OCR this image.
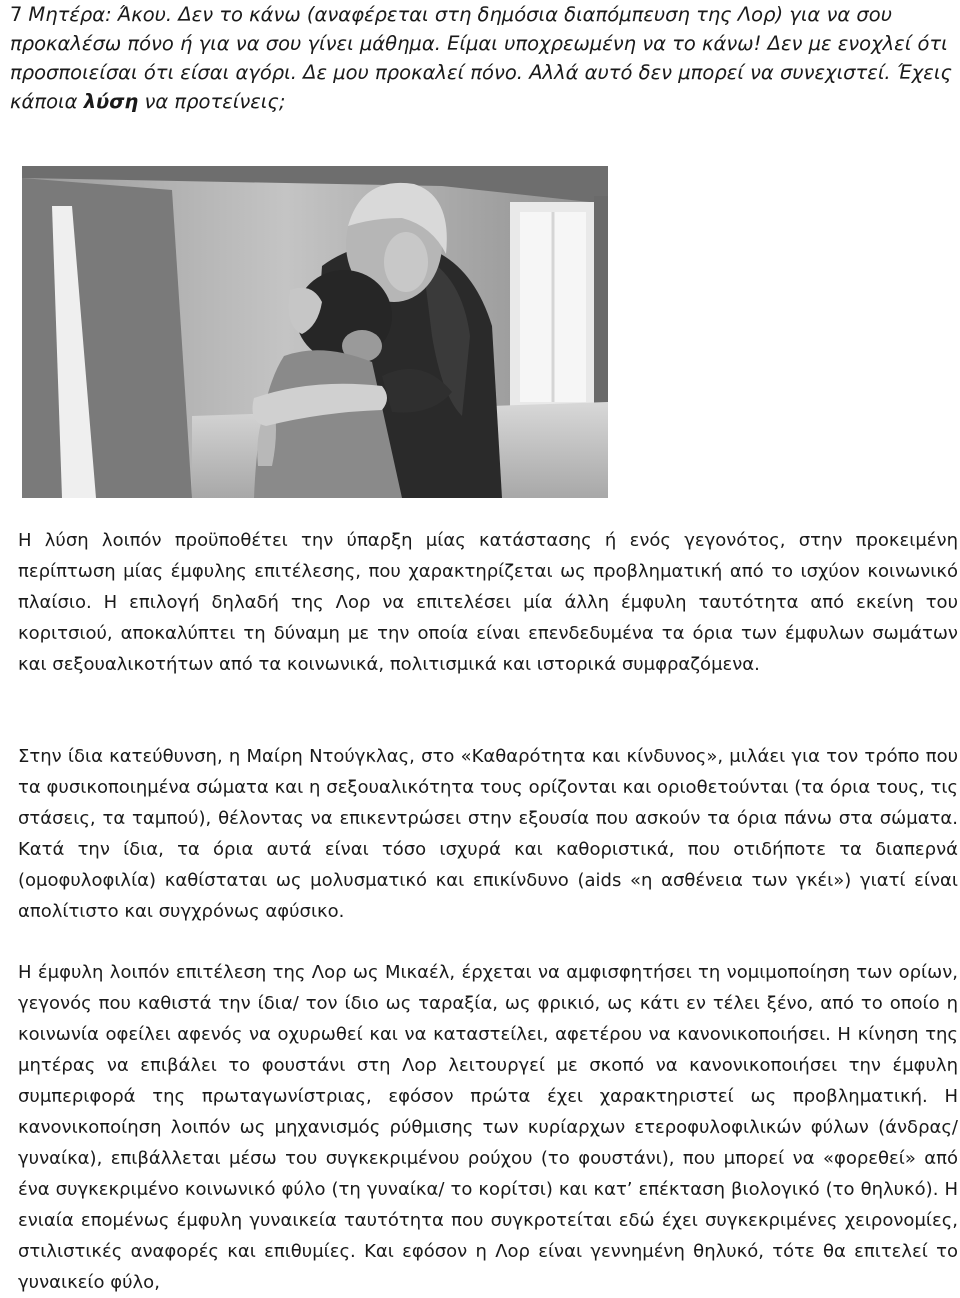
7 Μητέρα: Άκου. Δεν το κάνω (αναφέρεται στη δημόσια διαπόμπευση της Λορ) για να σου προκαλέσω πόνο ή για να σου γίνει μάθημα. Είμαι υποχρεωμένη να το κάνω! Δεν με ενοχλεί ότι προσποιείσαι ότι είσαι αγόρι. Δε μου προκαλεί πόνο. Αλλά αυτό δεν μπορεί να συνεχιστεί. Έχεις κάποια λύση να προτείνεις;

Η λύση λοιπόν προϋποθέτει την ύπαρξη μίας κατάστασης ή ενός γεγονότος, στην προκειμένη περίπτωση μίας έμφυλης επιτέλεσης, που χαρακτηρίζεται ως προβληματική από το ισχύον κοινωνικό πλαίσιο. Η επιλογή δηλαδή της Λορ να επιτελέσει μία άλλη έμφυλη ταυτότητα από εκείνη του κοριτσιού, αποκαλύπτει τη δύναμη με την οποία είναι επενδεδυμένα τα όρια των έμφυλων σωμάτων και σεξουαλικοτήτων από τα κοινωνικά, πολιτισμικά και ιστορικά συμφραζόμενα.

Στην ίδια κατεύθυνση, η Μαίρη Ντούγκλας, στο «Καθαρότητα και κίνδυνος», μιλάει για τον τρόπο που τα φυσικοποιημένα σώματα και η σεξουαλικότητα τους ορίζονται και οριοθετούνται (τα όρια τους, τις στάσεις, τα ταμπού), θέλοντας να επικεντρώσει στην εξουσία που ασκούν τα όρια πάνω στα σώματα. Κατά την ίδια, τα όρια αυτά είναι τόσο ισχυρά και καθοριστικά, που οτιδήποτε τα διαπερνά (ομοφυλοφιλία) καθίσταται ως μολυσματικό και επικίνδυνο (aids «η ασθένεια των γκέι») γιατί είναι απολίτιστο και συγχρόνως αφύσικο.

Η έμφυλη λοιπόν επιτέλεση της Λορ ως Μικαέλ, έρχεται να αμφισφητήσει τη νομιμοποίηση των ορίων, γεγονός που καθιστά την ίδια/ τον ίδιο ως ταραξία, ως φρικιό, ως κάτι εν τέλει ξένο, από το οποίο η κοινωνία οφείλει αφενός να οχυρωθεί και να καταστείλει, αφετέρου να κανονικοποιήσει. Η κίνηση της μητέρας να επιβάλει το φουστάνι στη Λορ λειτουργεί με σκοπό να κανονικοποιήσει την έμφυλη συμπεριφορά της πρωταγωνίστριας, εφόσον πρώτα έχει χαρακτηριστεί ως προβληματική. Η κανονικοποίηση λοιπόν ως μηχανισμός ρύθμισης των κυρίαρχων ετεροφυλοφιλικών φύλων (άνδρας/ γυναίκα), επιβάλλεται μέσω του συγκεκριμένου ρούχου (το φουστάνι), που μπορεί να «φορεθεί» από ένα συγκεκριμένο κοινωνικό φύλο (τη γυναίκα/ το κορίτσι) και κατ’ επέκταση βιολογικό (το θηλυκό). Η ενιαία επομένως έμφυλη γυναικεία ταυτότητα που συγκροτείται εδώ έχει συγκεκριμένες χειρονομίες, στιλιστικές αναφορές και επιθυμίες. Και εφόσον η Λορ είναι γεννημένη θηλυκό, τότε θα επιτελεί το γυναικείο φύλο,
